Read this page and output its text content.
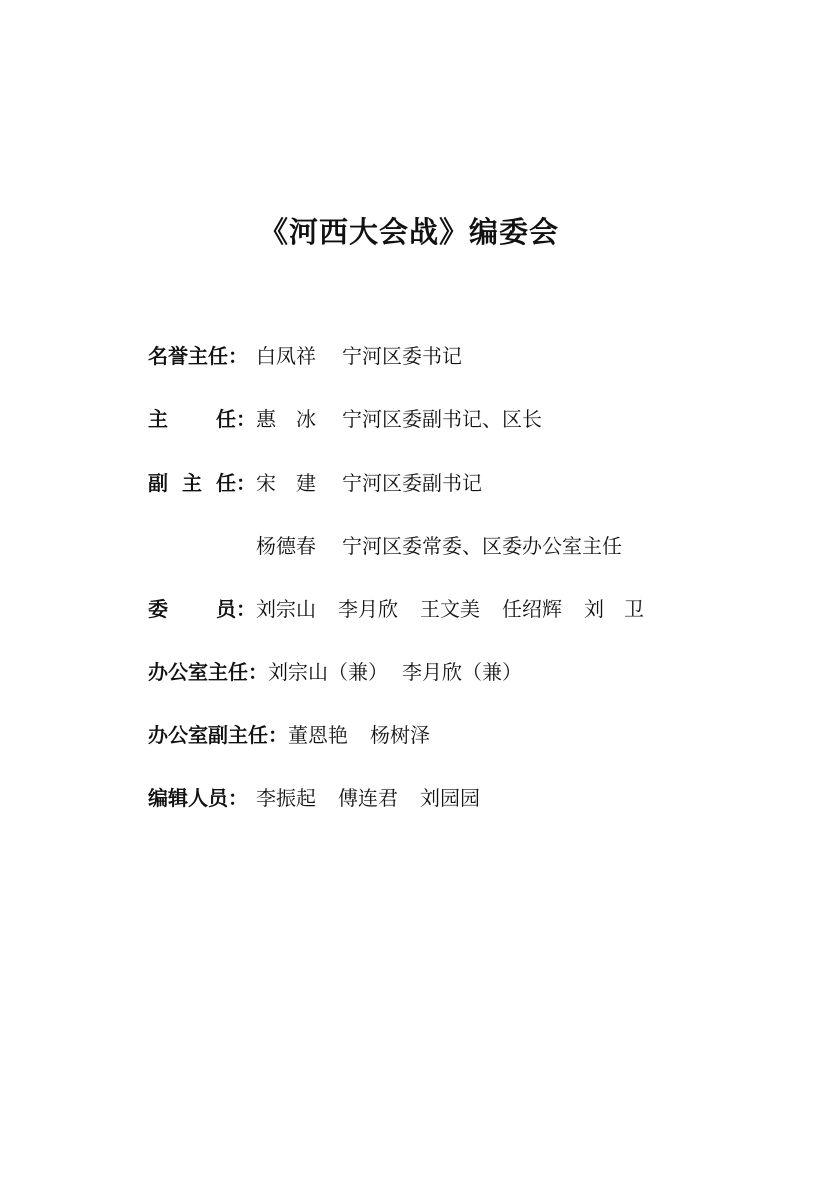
《河西大会战》编委会
名誉主任： 白凤祥 宁河区委书记
主 任： 惠　冰 宁河区委副书记、区长
副 主 任： 宋　建 宁河区委副书记
杨德春 宁河区委常委、区委办公室主任
委 员： 刘宗山 李月欣 王文美 任绍辉 刘　卫
办公室主任：刘宗山（兼） 李月欣（兼）
办公室副主任：董恩艳 杨树泽
编辑人员： 李振起 傅连君 刘园园
